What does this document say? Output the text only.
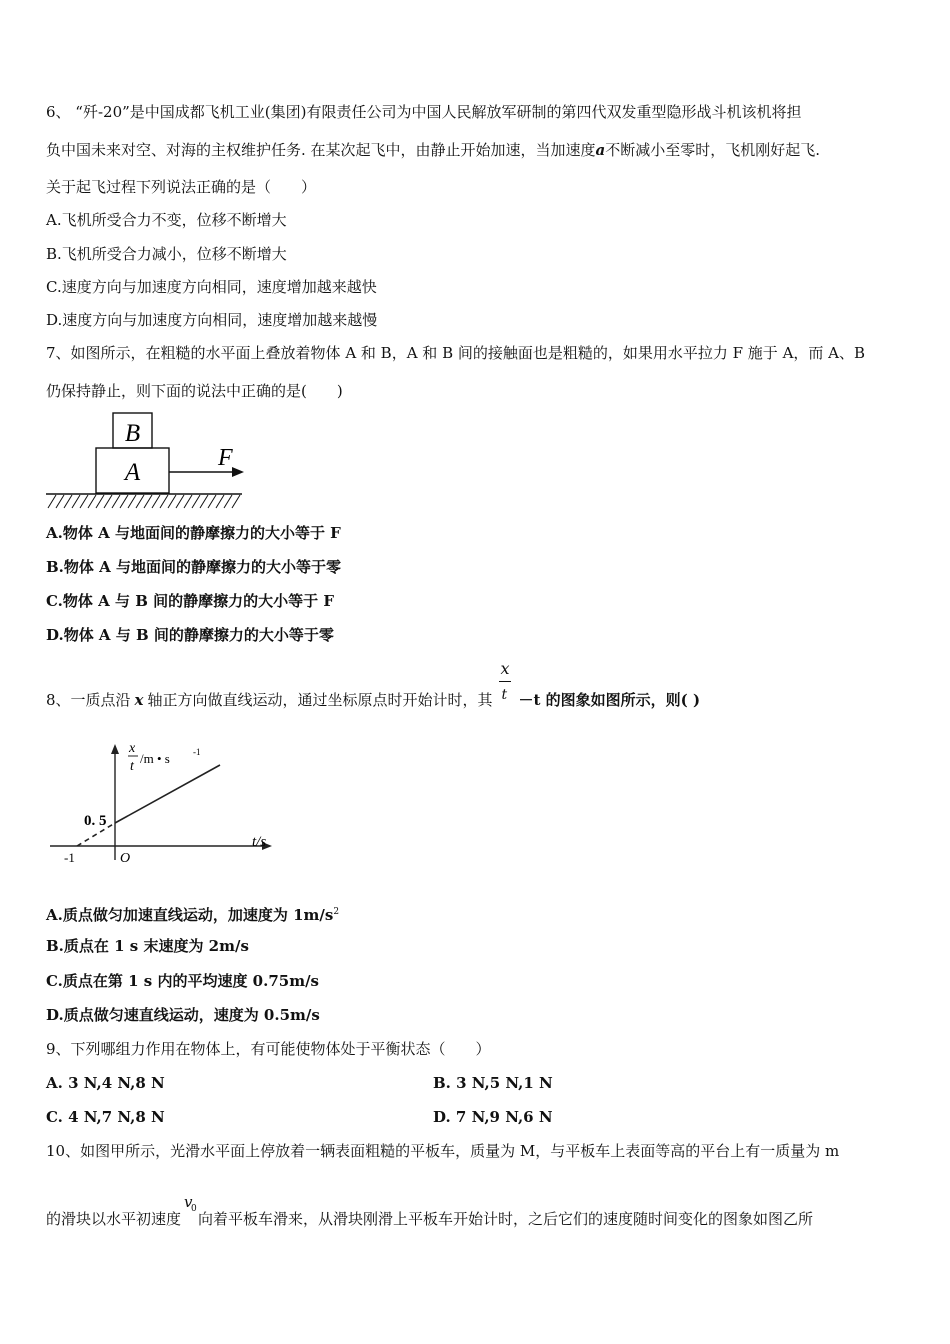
6、 “歼-20”是中国成都飞机工业(集团)有限责任公司为中国人民解放军研制的第四代双发重型隐形战斗机该机将担
负中国未来对空、对海的主权维护任务. 在某次起飞中，由静止开始加速，当加速度a不断减小至零时，飞机刚好起飞.
关于起飞过程下列说法正确的是（　　）
A.飞机所受合力不变，位移不断增大
B.飞机所受合力减小，位移不断增大
C.速度方向与加速度方向相同，速度增加越来越快
D.速度方向与加速度方向相同，速度增加越来越慢
7、如图所示，在粗糙的水平面上叠放着物体 A 和 B，A 和 B 间的接触面也是粗糙的，如果用水平拉力 F 施于 A，而 A、B
仍保持静止，则下面的说法中正确的是(　　)
B
A
F
A.物体 A 与地面间的静摩擦力的大小等于 F
B.物体 A 与地面间的静摩擦力的大小等于零
C.物体 A 与 B 间的静摩擦力的大小等于 F
D.物体 A 与 B 间的静摩擦力的大小等于零
8、一质点沿 x 轴正方向做直线运动，通过坐标原点时开始计时，其 $\frac{x}{t} -t$ 的图象如图所示，则( )
x
t
/m • s	-1
t/s
0. 5
-1	O
A.质点做匀加速直线运动，加速度为 $1m/s^2$
B.质点在 1 s 末速度为 2m/s
C.质点在第 1 s 内的平均速度 0.75m/s
D.质点做匀速直线运动，速度为 0.5m/s
9、下列哪组力作用在物体上，有可能使物体处于平衡状态（　　）
A. 3 N,4 N,8 N	B. 3 N,5 N,1 N
C. 4 N,7 N,8 N	D. 7 N,9 N,6 N
10、如图甲所示，光滑水平面上停放着一辆表面粗糙的平板车，质量为 M，与平板车上表面等高的平台上有一质量为 m
的滑块以水平初速度
v
0
向着平板车滑来，从滑块刚滑上平板车开始计时，之后它们的速度随时间变化的图象如图乙所
